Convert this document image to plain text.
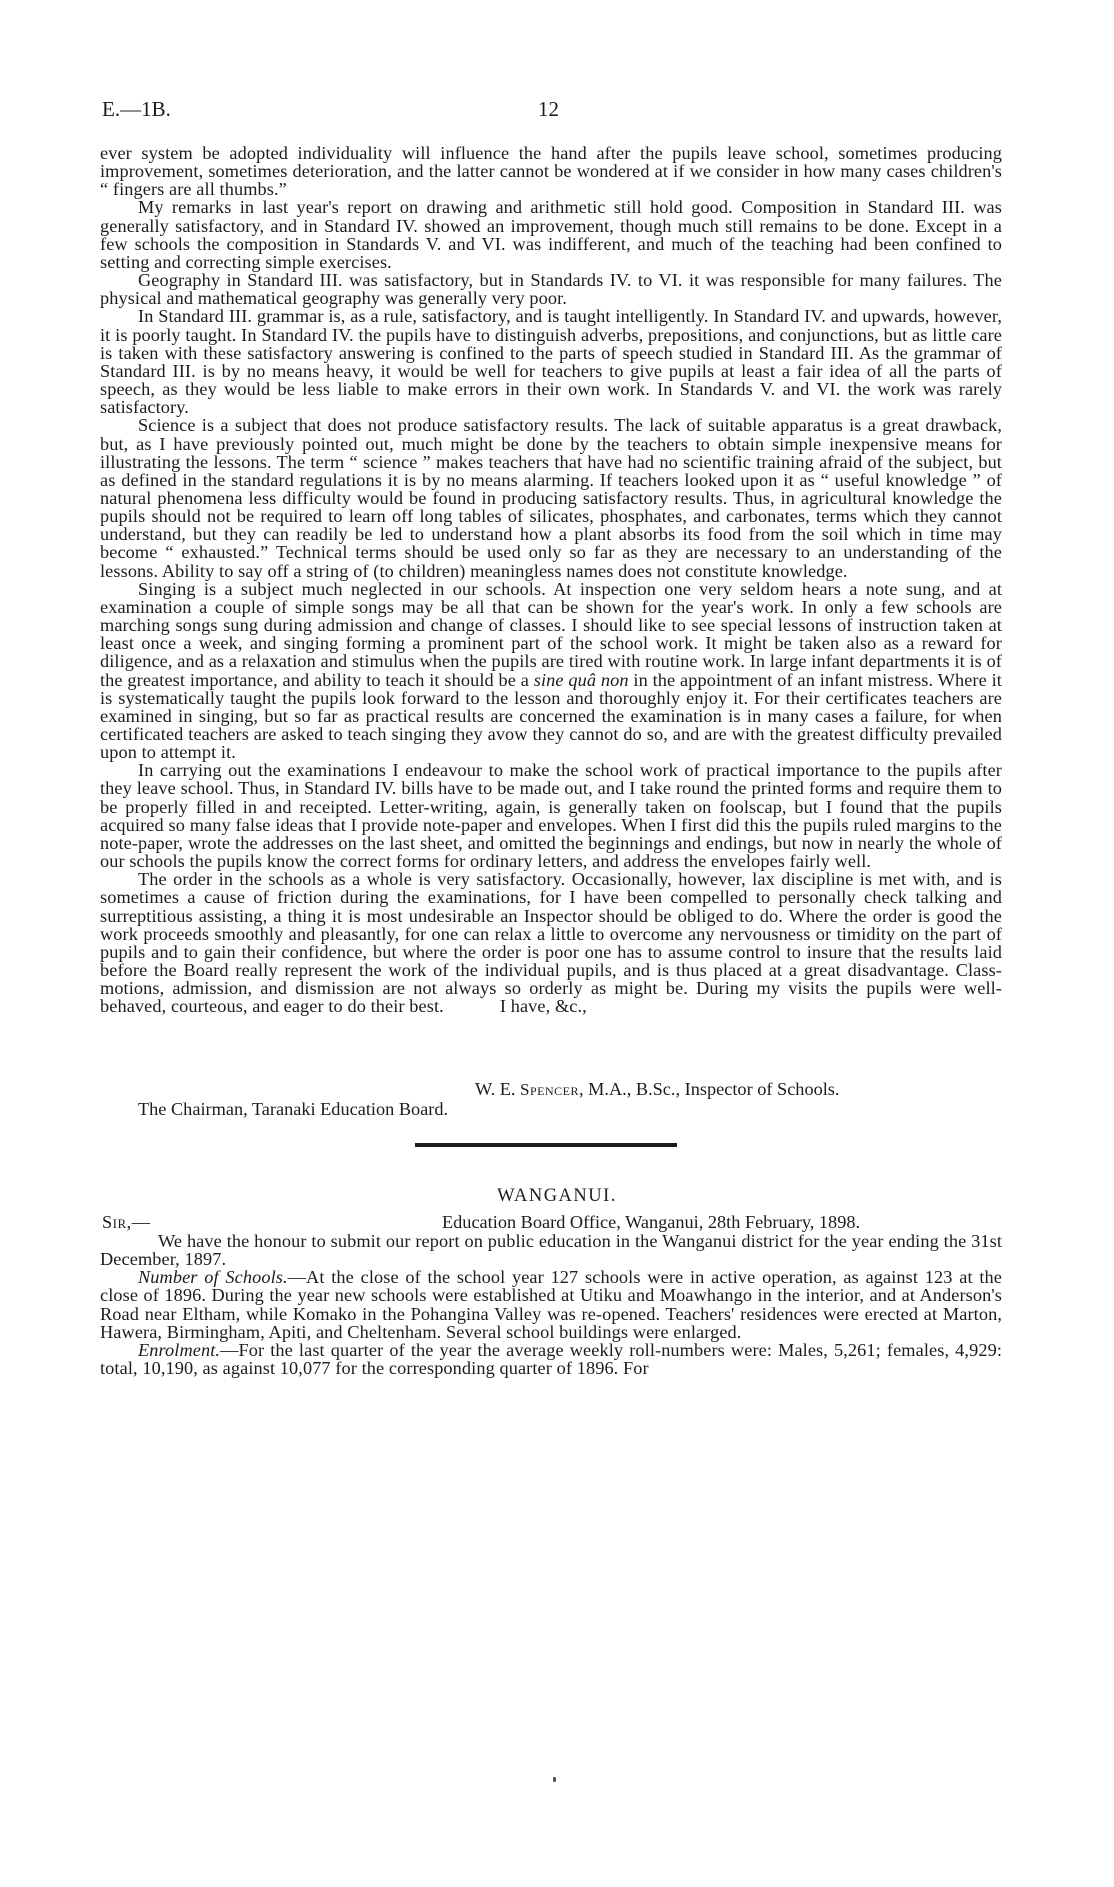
E.—1B.	12

ever system be adopted individuality will influence the hand after the pupils leave school, sometimes producing improvement, sometimes deterioration, and the latter cannot be wondered at if we consider in how many cases children's “ fingers are all thumbs.”

My remarks in last year's report on drawing and arithmetic still hold good. Composition in Standard III. was generally satisfactory, and in Standard IV. showed an improvement, though much still remains to be done. Except in a few schools the composition in Standards V. and VI. was indifferent, and much of the teaching had been confined to setting and correcting simple exercises.

Geography in Standard III. was satisfactory, but in Standards IV. to VI. it was responsible for many failures. The physical and mathematical geography was generally very poor.

In Standard III. grammar is, as a rule, satisfactory, and is taught intelligently. In Standard IV. and upwards, however, it is poorly taught. In Standard IV. the pupils have to distinguish adverbs, prepositions, and conjunctions, but as little care is taken with these satisfactory answering is confined to the parts of speech studied in Standard III. As the grammar of Standard III. is by no means heavy, it would be well for teachers to give pupils at least a fair idea of all the parts of speech, as they would be less liable to make errors in their own work. In Standards V. and VI. the work was rarely satisfactory.

Science is a subject that does not produce satisfactory results. The lack of suitable apparatus is a great drawback, but, as I have previously pointed out, much might be done by the teachers to obtain simple inexpensive means for illustrating the lessons. The term “ science ” makes teachers that have had no scientific training afraid of the subject, but as defined in the standard regulations it is by no means alarming. If teachers looked upon it as “ useful knowledge ” of natural phenomena less difficulty would be found in producing satisfactory results. Thus, in agricultural knowledge the pupils should not be required to learn off long tables of silicates, phosphates, and carbonates, terms which they cannot understand, but they can readily be led to understand how a plant absorbs its food from the soil which in time may become “ exhausted.” Technical terms should be used only so far as they are necessary to an understanding of the lessons. Ability to say off a string of (to children) meaningless names does not constitute knowledge.

Singing is a subject much neglected in our schools. At inspection one very seldom hears a note sung, and at examination a couple of simple songs may be all that can be shown for the year's work. In only a few schools are marching songs sung during admission and change of classes. I should like to see special lessons of instruction taken at least once a week, and singing forming a prominent part of the school work. It might be taken also as a reward for diligence, and as a relaxation and stimulus when the pupils are tired with routine work. In large infant departments it is of the greatest importance, and ability to teach it should be a sine quâ non in the appointment of an infant mistress. Where it is systematically taught the pupils look forward to the lesson and thoroughly enjoy it. For their certificates teachers are examined in singing, but so far as practical results are concerned the examination is in many cases a failure, for when certificated teachers are asked to teach singing they avow they cannot do so, and are with the greatest difficulty prevailed upon to attempt it.

In carrying out the examinations I endeavour to make the school work of practical importance to the pupils after they leave school. Thus, in Standard IV. bills have to be made out, and I take round the printed forms and require them to be properly filled in and receipted. Letter-writing, again, is generally taken on foolscap, but I found that the pupils acquired so many false ideas that I provide note-paper and envelopes. When I first did this the pupils ruled margins to the note-paper, wrote the addresses on the last sheet, and omitted the beginnings and endings, but now in nearly the whole of our schools the pupils know the correct forms for ordinary letters, and address the envelopes fairly well.

The order in the schools as a whole is very satisfactory. Occasionally, however, lax discipline is met with, and is sometimes a cause of friction during the examinations, for I have been compelled to personally check talking and surreptitious assisting, a thing it is most undesirable an Inspector should be obliged to do. Where the order is good the work proceeds smoothly and pleasantly, for one can relax a little to overcome any nervousness or timidity on the part of pupils and to gain their confidence, but where the order is poor one has to assume control to insure that the results laid before the Board really represent the work of the individual pupils, and is thus placed at a great disadvantage. Class-motions, admission, and dismission are not always so orderly as might be. During my visits the pupils were well-behaved, courteous, and eager to do their best.	I have, &c.,

W. E. Spencer, M.A., B.Sc., Inspector of Schools.
The Chairman, Taranaki Education Board.
WANGANUI.
Sir,—	Education Board Office, Wanganui, 28th February, 1898.

We have the honour to submit our report on public education in the Wanganui district for the year ending the 31st December, 1897.

Number of Schools.—At the close of the school year 127 schools were in active operation, as against 123 at the close of 1896. During the year new schools were established at Utiku and Moawhango in the interior, and at Anderson's Road near Eltham, while Komako in the Pohangina Valley was re-opened. Teachers' residences were erected at Marton, Hawera, Birmingham, Apiti, and Cheltenham. Several school buildings were enlarged.

Enrolment.—For the last quarter of the year the average weekly roll-numbers were: Males, 5,261; females, 4,929: total, 10,190, as against 10,077 for the corresponding quarter of 1896. For
